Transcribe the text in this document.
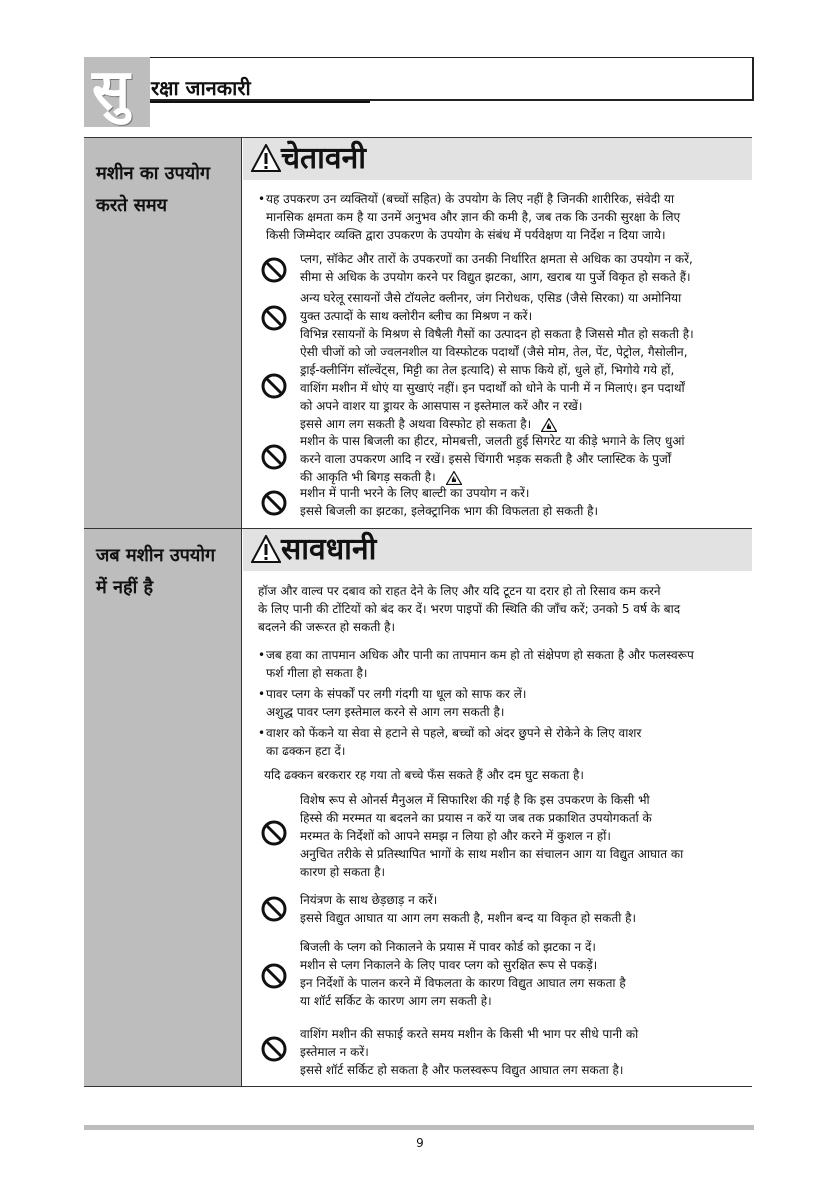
सु रक्षा जानकारी
मशीन का उपयोग
करते समय
चेतावनी
• यह उपकरण उन व्यक्तियों (बच्चों सहित) के उपयोग के लिए नहीं है जिनकी शारीरिक, संवेदी या
मानसिक क्षमता कम है या उनमें अनुभव और ज्ञान की कमी है, जब तक कि उनकी सुरक्षा के लिए
किसी जिम्मेदार व्यक्ति द्वारा उपकरण के उपयोग के संबंध में पर्यवेक्षण या निर्देश न दिया जाये।
प्लग, सॉकेट और तारों के उपकरणों का उनकी निर्धारित क्षमता से अधिक का उपयोग न करें,
सीमा से अधिक के उपयोग करने पर विद्युत झटका, आग, खराब या पुर्जे विकृत हो सकते हैं।
अन्य घरेलू रसायनों जैसे टॉयलेट क्लीनर, जंग निरोधक, एसिड (जैसे सिरका) या अमोनिया
युक्त उत्पादों के साथ क्लोरीन ब्लीच का मिश्रण न करें।
विभिन्न रसायनों के मिश्रण से विषैली गैसों का उत्पादन हो सकता है जिससे मौत हो सकती है।
ऐसी चीजों को जो ज्वलनशील या विस्फोटक पदार्थों (जैसे मोम, तेल, पेंट, पेट्रोल, गैसोलीन,
ड्राई-क्लीनिंग सॉल्वेंट्स, मिट्टी का तेल इत्यादि) से साफ किये हों, धुले हों, भिगोये गये हों,
वाशिंग मशीन में धोएं या सुखाएं नहीं। इन पदार्थों को धोने के पानी में न मिलाएं। इन पदार्थों
को अपने वाशर या ड्रायर के आसपास न इस्तेमाल करें और न रखें।
इससे आग लग सकती है अथवा विस्फोट हो सकता है।
मशीन के पास बिजली का हीटर, मोमबत्ती, जलती हुई सिगरेट या कीड़े भगाने के लिए धुआं
करने वाला उपकरण आदि न रखें। इससे चिंगारी भड़क सकती है और प्लास्टिक के पुर्जों
की आकृति भी बिगड़ सकती है।
मशीन में पानी भरने के लिए बाल्टी का उपयोग न करें।
इससे बिजली का झटका, इलेक्ट्रानिक भाग की विफलता हो सकती है।
जब मशीन उपयोग
में नहीं है
सावधानी
हॉज और वाल्व पर दबाव को राहत देने के लिए और यदि टूटन या दरार हो तो रिसाव कम करने
के लिए पानी की टोंटियों को बंद कर दें। भरण पाइपों की स्थिति की जाँच करें; उनको 5 वर्ष के बाद
बदलने की जरूरत हो सकती है।
• जब हवा का तापमान अधिक और पानी का तापमान कम हो तो संक्षेपण हो सकता है और फलस्वरूप
फर्श गीला हो सकता है।
• पावर प्लग के संपर्कों पर लगी गंदगी या धूल को साफ कर लें।
अशुद्ध पावर प्लग इस्तेमाल करने से आग लग सकती है।
• वाशर को फेंकने या सेवा से हटाने से पहले, बच्चों को अंदर छुपने से रोकेने के लिए वाशर
का ढक्कन हटा दें।
यदि ढक्कन बरकरार रह गया तो बच्चे फँस सकते हैं और दम घुट सकता है।
विशेष रूप से ओनर्स मैनुअल में सिफारिश की गई है कि इस उपकरण के किसी भी
हिस्से की मरम्मत या बदलने का प्रयास न करें या जब तक प्रकाशित उपयोगकर्ता के
मरम्मत के निर्देशों को आपने समझ न लिया हो और करने में कुशल न हों।
अनुचित तरीके से प्रतिस्थापित भागों के साथ मशीन का संचालन आग या विद्युत आघात का
कारण हो सकता है।
नियंत्रण के साथ छेड़छाड़ न करें।
इससे विद्युत आघात या आग लग सकती है, मशीन बन्द या विकृत हो सकती है।
बिजली के प्लग को निकालने के प्रयास में पावर कोर्ड को झटका न दें।
मशीन से प्लग निकालने के लिए पावर प्लग को सुरक्षित रूप से पकड़ें।
इन निर्देशों के पालन करने में विफलता के कारण विद्युत आघात लग सकता है
या शॉर्ट सर्किट के कारण आग लग सकती हे।
वाशिंग मशीन की सफाई करते समय मशीन के किसी भी भाग पर सीधे पानी को
इस्तेमाल न करें।
इससे शॉर्ट सर्किट हो सकता है और फलस्वरूप विद्युत आघात लग सकता है।
9
